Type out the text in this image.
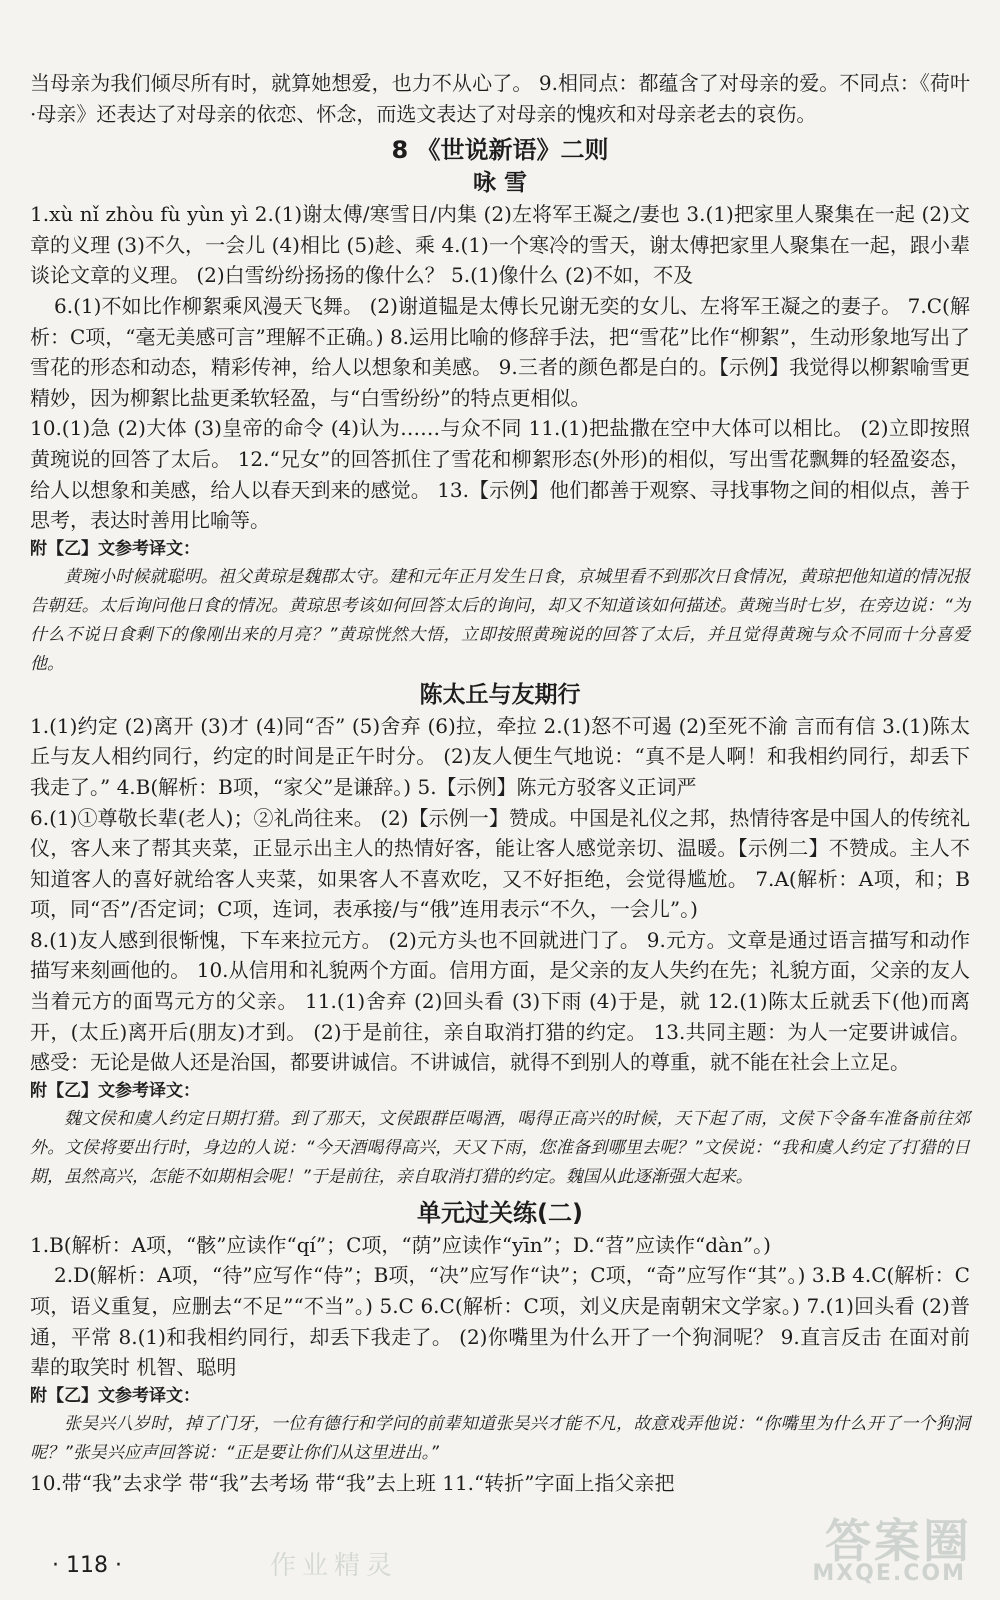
当母亲为我们倾尽所有时，就算她想爱，也力不从心了。 9.相同点：都蕴含了对母亲的爱。不同点：《荷叶·母亲》还表达了对母亲的依恋、怀念，而选文表达了对母亲的愧疚和对母亲老去的哀伤。

8 《世说新语》二则
咏 雪

1.xù nǐ zhòu fù yùn yì 2.(1)谢太傅/寒雪日/内集 (2)左将军王凝之/妻也 3.(1)把家里人聚集在一起 (2)文章的义理 (3)不久，一会儿 (4)相比 (5)趁、乘 4.(1)一个寒冷的雪天，谢太傅把家里人聚集在一起，跟小辈谈论文章的义理。 (2)白雪纷纷扬扬的像什么？ 5.(1)像什么 (2)不如，不及

6.(1)不如比作柳絮乘风漫天飞舞。 (2)谢道韫是太傅长兄谢无奕的女儿、左将军王凝之的妻子。 7.C(解析：C项，“毫无美感可言”理解不正确。) 8.运用比喻的修辞手法，把“雪花”比作“柳絮”，生动形象地写出了雪花的形态和动态，精彩传神，给人以想象和美感。 9.三者的颜色都是白的。【示例】我觉得以柳絮喻雪更精妙，因为柳絮比盐更柔软轻盈，与“白雪纷纷”的特点更相似。

10.(1)急 (2)大体 (3)皇帝的命令 (4)认为……与众不同 11.(1)把盐撒在空中大体可以相比。 (2)立即按照黄琬说的回答了太后。 12.“兄女”的回答抓住了雪花和柳絮形态(外形)的相似，写出雪花飘舞的轻盈姿态，给人以想象和美感，给人以春天到来的感觉。 13.【示例】他们都善于观察、寻找事物之间的相似点，善于思考，表达时善用比喻等。

附【乙】文参考译文：

黄琬小时候就聪明。祖父黄琼是魏郡太守。建和元年正月发生日食，京城里看不到那次日食情况，黄琼把他知道的情况报告朝廷。太后询问他日食的情况。黄琼思考该如何回答太后的询问，却又不知道该如何描述。黄琬当时七岁，在旁边说：“为什么不说日食剩下的像刚出来的月亮？”黄琼恍然大悟，立即按照黄琬说的回答了太后，并且觉得黄琬与众不同而十分喜爱他。

陈太丘与友期行

1.(1)约定 (2)离开 (3)才 (4)同“否” (5)舍弃 (6)拉，牵拉 2.(1)怒不可遏 (2)至死不渝 言而有信 3.(1)陈太丘与友人相约同行，约定的时间是正午时分。 (2)友人便生气地说：“真不是人啊！和我相约同行，却丢下我走了。” 4.B(解析：B项，“家父”是谦辞。) 5.【示例】陈元方驳客义正词严

6.(1)①尊敬长辈(老人)；②礼尚往来。 (2)【示例一】赞成。中国是礼仪之邦，热情待客是中国人的传统礼仪，客人来了帮其夹菜，正显示出主人的热情好客，能让客人感觉亲切、温暖。【示例二】不赞成。主人不知道客人的喜好就给客人夹菜，如果客人不喜欢吃，又不好拒绝，会觉得尴尬。 7.A(解析：A项，和；B项，同“否”/否定词；C项，连词，表承接/与“俄”连用表示“不久，一会儿”。)

8.(1)友人感到很惭愧，下车来拉元方。 (2)元方头也不回就进门了。 9.元方。文章是通过语言描写和动作描写来刻画他的。 10.从信用和礼貌两个方面。信用方面，是父亲的友人失约在先；礼貌方面，父亲的友人当着元方的面骂元方的父亲。 11.(1)舍弃 (2)回头看 (3)下雨 (4)于是，就 12.(1)陈太丘就丢下(他)而离开，(太丘)离开后(朋友)才到。 (2)于是前往，亲自取消打猎的约定。 13.共同主题：为人一定要讲诚信。感受：无论是做人还是治国，都要讲诚信。不讲诚信，就得不到别人的尊重，就不能在社会上立足。

附【乙】文参考译文：

魏文侯和虞人约定日期打猎。到了那天，文侯跟群臣喝酒，喝得正高兴的时候，天下起了雨，文侯下令备车准备前往郊外。文侯将要出行时，身边的人说：“今天酒喝得高兴，天又下雨，您准备到哪里去呢？”文侯说：“我和虞人约定了打猎的日期，虽然高兴，怎能不如期相会呢！”于是前往，亲自取消打猎的约定。魏国从此逐渐强大起来。

单元过关练(二)

1.B(解析：A项，“骸”应读作“qí”；C项，“荫”应读作“yīn”；D.“苕”应读作“dàn”。)

2.D(解析：A项，“待”应写作“侍”；B项，“决”应写作“诀”；C项，“奇”应写作“其”。) 3.B 4.C(解析：C项，语义重复，应删去“不足”“不当”。) 5.C 6.C(解析：C项，刘义庆是南朝宋文学家。) 7.(1)回头看 (2)普通，平常 8.(1)和我相约同行，却丢下我走了。 (2)你嘴里为什么开了一个狗洞呢？ 9.直言反击 在面对前辈的取笑时 机智、聪明

附【乙】文参考译文：

张吴兴八岁时，掉了门牙，一位有德行和学问的前辈知道张吴兴才能不凡，故意戏弄他说：“你嘴里为什么开了一个狗洞呢？”张吴兴应声回答说：“正是要让你们从这里进出。”

10.带“我”去求学 带“我”去考场 带“我”去上班 11.“转折”字面上指父亲把

· 118 ·	作业精灵	答案圈
MXQE.COM
